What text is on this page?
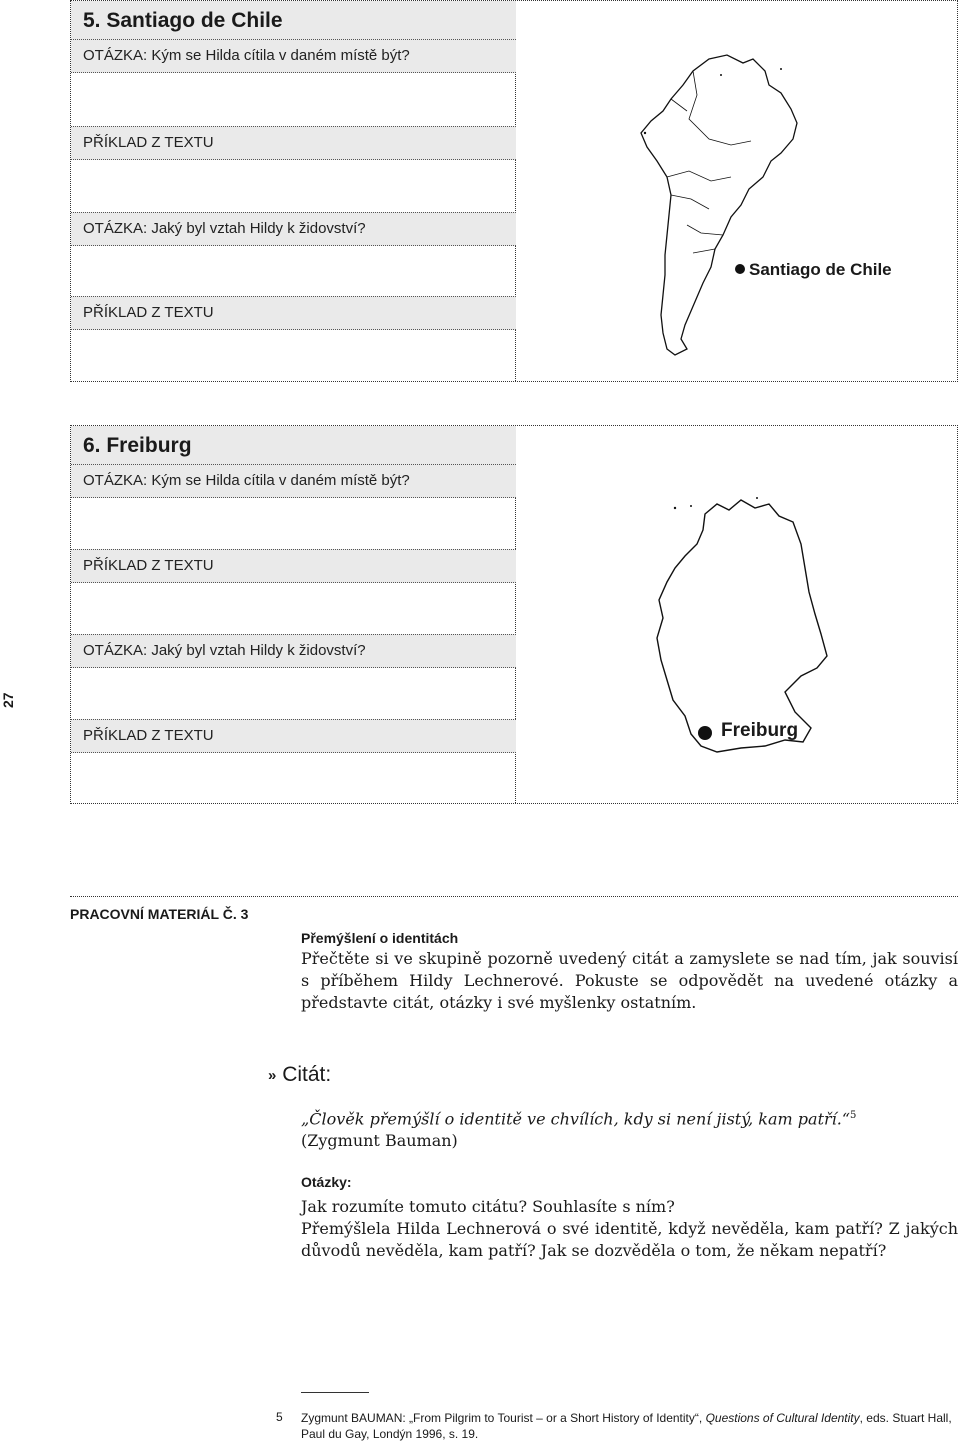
27
5. Santiago de Chile
OTÁZKA: Kým se Hilda cítila v daném místě být?
PŘÍKLAD Z TEXTU
OTÁZKA: Jaký byl vztah Hildy k židovství?
PŘÍKLAD Z TEXTU
Santiago de Chile
6. Freiburg
OTÁZKA: Kým se Hilda cítila v daném místě být?
PŘÍKLAD Z TEXTU
OTÁZKA: Jaký byl vztah Hildy k židovství?
PŘÍKLAD Z TEXTU	Freiburg
PRACOVNÍ MATERIÁL Č. 3
Přemýšlení o identitách
Přečtěte si ve skupině pozorně uvedený citát a zamyslete se nad tím, jak souvisí s příběhem Hildy Lechnerové. Pokuste se odpovědět na uvedené otázky a představte citát, otázky i své myšlenky ostatním.
» Citát:
„Člověk přemýšlí o identitě ve chvílích, kdy si není jistý, kam patří.“$^5$
(Zygmunt Bauman)
Otázky:
Jak rozumíte tomuto citátu? Souhlasíte s ním?
Přemýšlela Hilda Lechnerová o své identitě, když nevěděla, kam patří? Z jakých důvodů nevěděla, kam patří? Jak se dozvěděla o tom, že někam nepatří?
5 Zygmunt BAUMAN: „From Pilgrim to Tourist – or a Short History of Identity“, Questions of Cultural Identity, eds. Stuart Hall, Paul du Gay, Londýn 1996, s. 19.
